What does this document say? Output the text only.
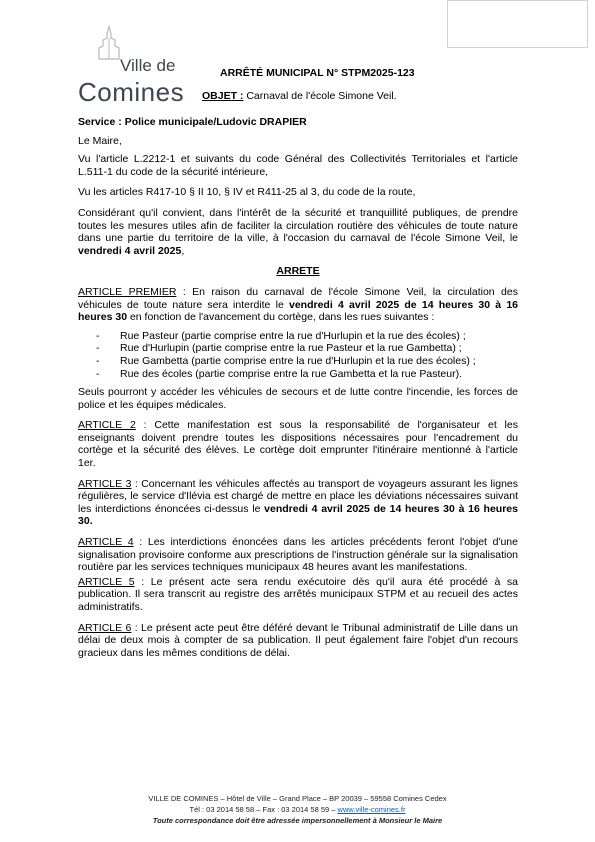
Ville de
Comines
ARRÊTÉ MUNICIPAL N° STPM2025-123
OBJET : Carnaval de l'école Simone Veil.

Service : Police municipale/Ludovic DRAPIER

Le Maire,

Vu l'article L.2212-1 et suivants du code Général des Collectivités Territoriales et l'article L.511-1 du code de la sécurité intérieure,

Vu les articles R417-10 § II 10, § IV et R411-25 al 3, du code de la route,

Considérant qu'il convient, dans l'intérêt de la sécurité et tranquillité publiques, de prendre toutes les mesures utiles afin de faciliter la circulation routière des véhicules de toute nature dans une partie du territoire de la ville, à l'occasion du carnaval de l'école Simone Veil, le vendredi 4 avril 2025,

ARRETE

ARTICLE PREMIER : En raison du carnaval de l'école Simone Veil, la circulation des véhicules de toute nature sera interdite le vendredi 4 avril 2025 de 14 heures 30 à 16 heures 30 en fonction de l'avancement du cortège, dans les rues suivantes :

- Rue Pasteur (partie comprise entre la rue d'Hurlupin et la rue des écoles) ;
- Rue d'Hurlupin (partie comprise entre la rue Pasteur et la rue Gambetta) ;
- Rue Gambetta (partie comprise entre la rue d'Hurlupin et la rue des écoles) ;
- Rue des écoles (partie comprise entre la rue Gambetta et la rue Pasteur).

Seuls pourront y accéder les véhicules de secours et de lutte contre l'incendie, les forces de police et les équipes médicales.

ARTICLE 2 : Cette manifestation est sous la responsabilité de l'organisateur et les enseignants doivent prendre toutes les dispositions nécessaires pour l'encadrement du cortège et la sécurité des élèves. Le cortège doit emprunter l'itinéraire mentionné à l'article 1er.

ARTICLE 3 : Concernant les véhicules affectés au transport de voyageurs assurant les lignes régulières, le service d'Ilévia est chargé de mettre en place les déviations nécessaires suivant les interdictions énoncées ci-dessus le vendredi 4 avril 2025 de 14 heures 30 à 16 heures 30.

ARTICLE 4 : Les interdictions énoncées dans les articles précédents feront l'objet d'une signalisation provisoire conforme aux prescriptions de l'instruction générale sur la signalisation routière par les services techniques municipaux 48 heures avant les manifestations.

ARTICLE 5 : Le présent acte sera rendu exécutoire dès qu'il aura été procédé à sa publication. Il sera transcrit au registre des arrêtés municipaux STPM et au recueil des actes administratifs.

ARTICLE 6 : Le présent acte peut être déféré devant le Tribunal administratif de Lille dans un délai de deux mois à compter de sa publication. Il peut également faire l'objet d'un recours gracieux dans les mêmes conditions de délai.

VILLE DE COMINES – Hôtel de Ville – Grand Place – BP 20039 – 59558 Comines Cedex
Tél : 03 2014 58 58 – Fax : 03 2014 58 59 – www.ville-comines.fr
Toute correspondance doit être adressée impersonnellement à Monsieur le Maire
